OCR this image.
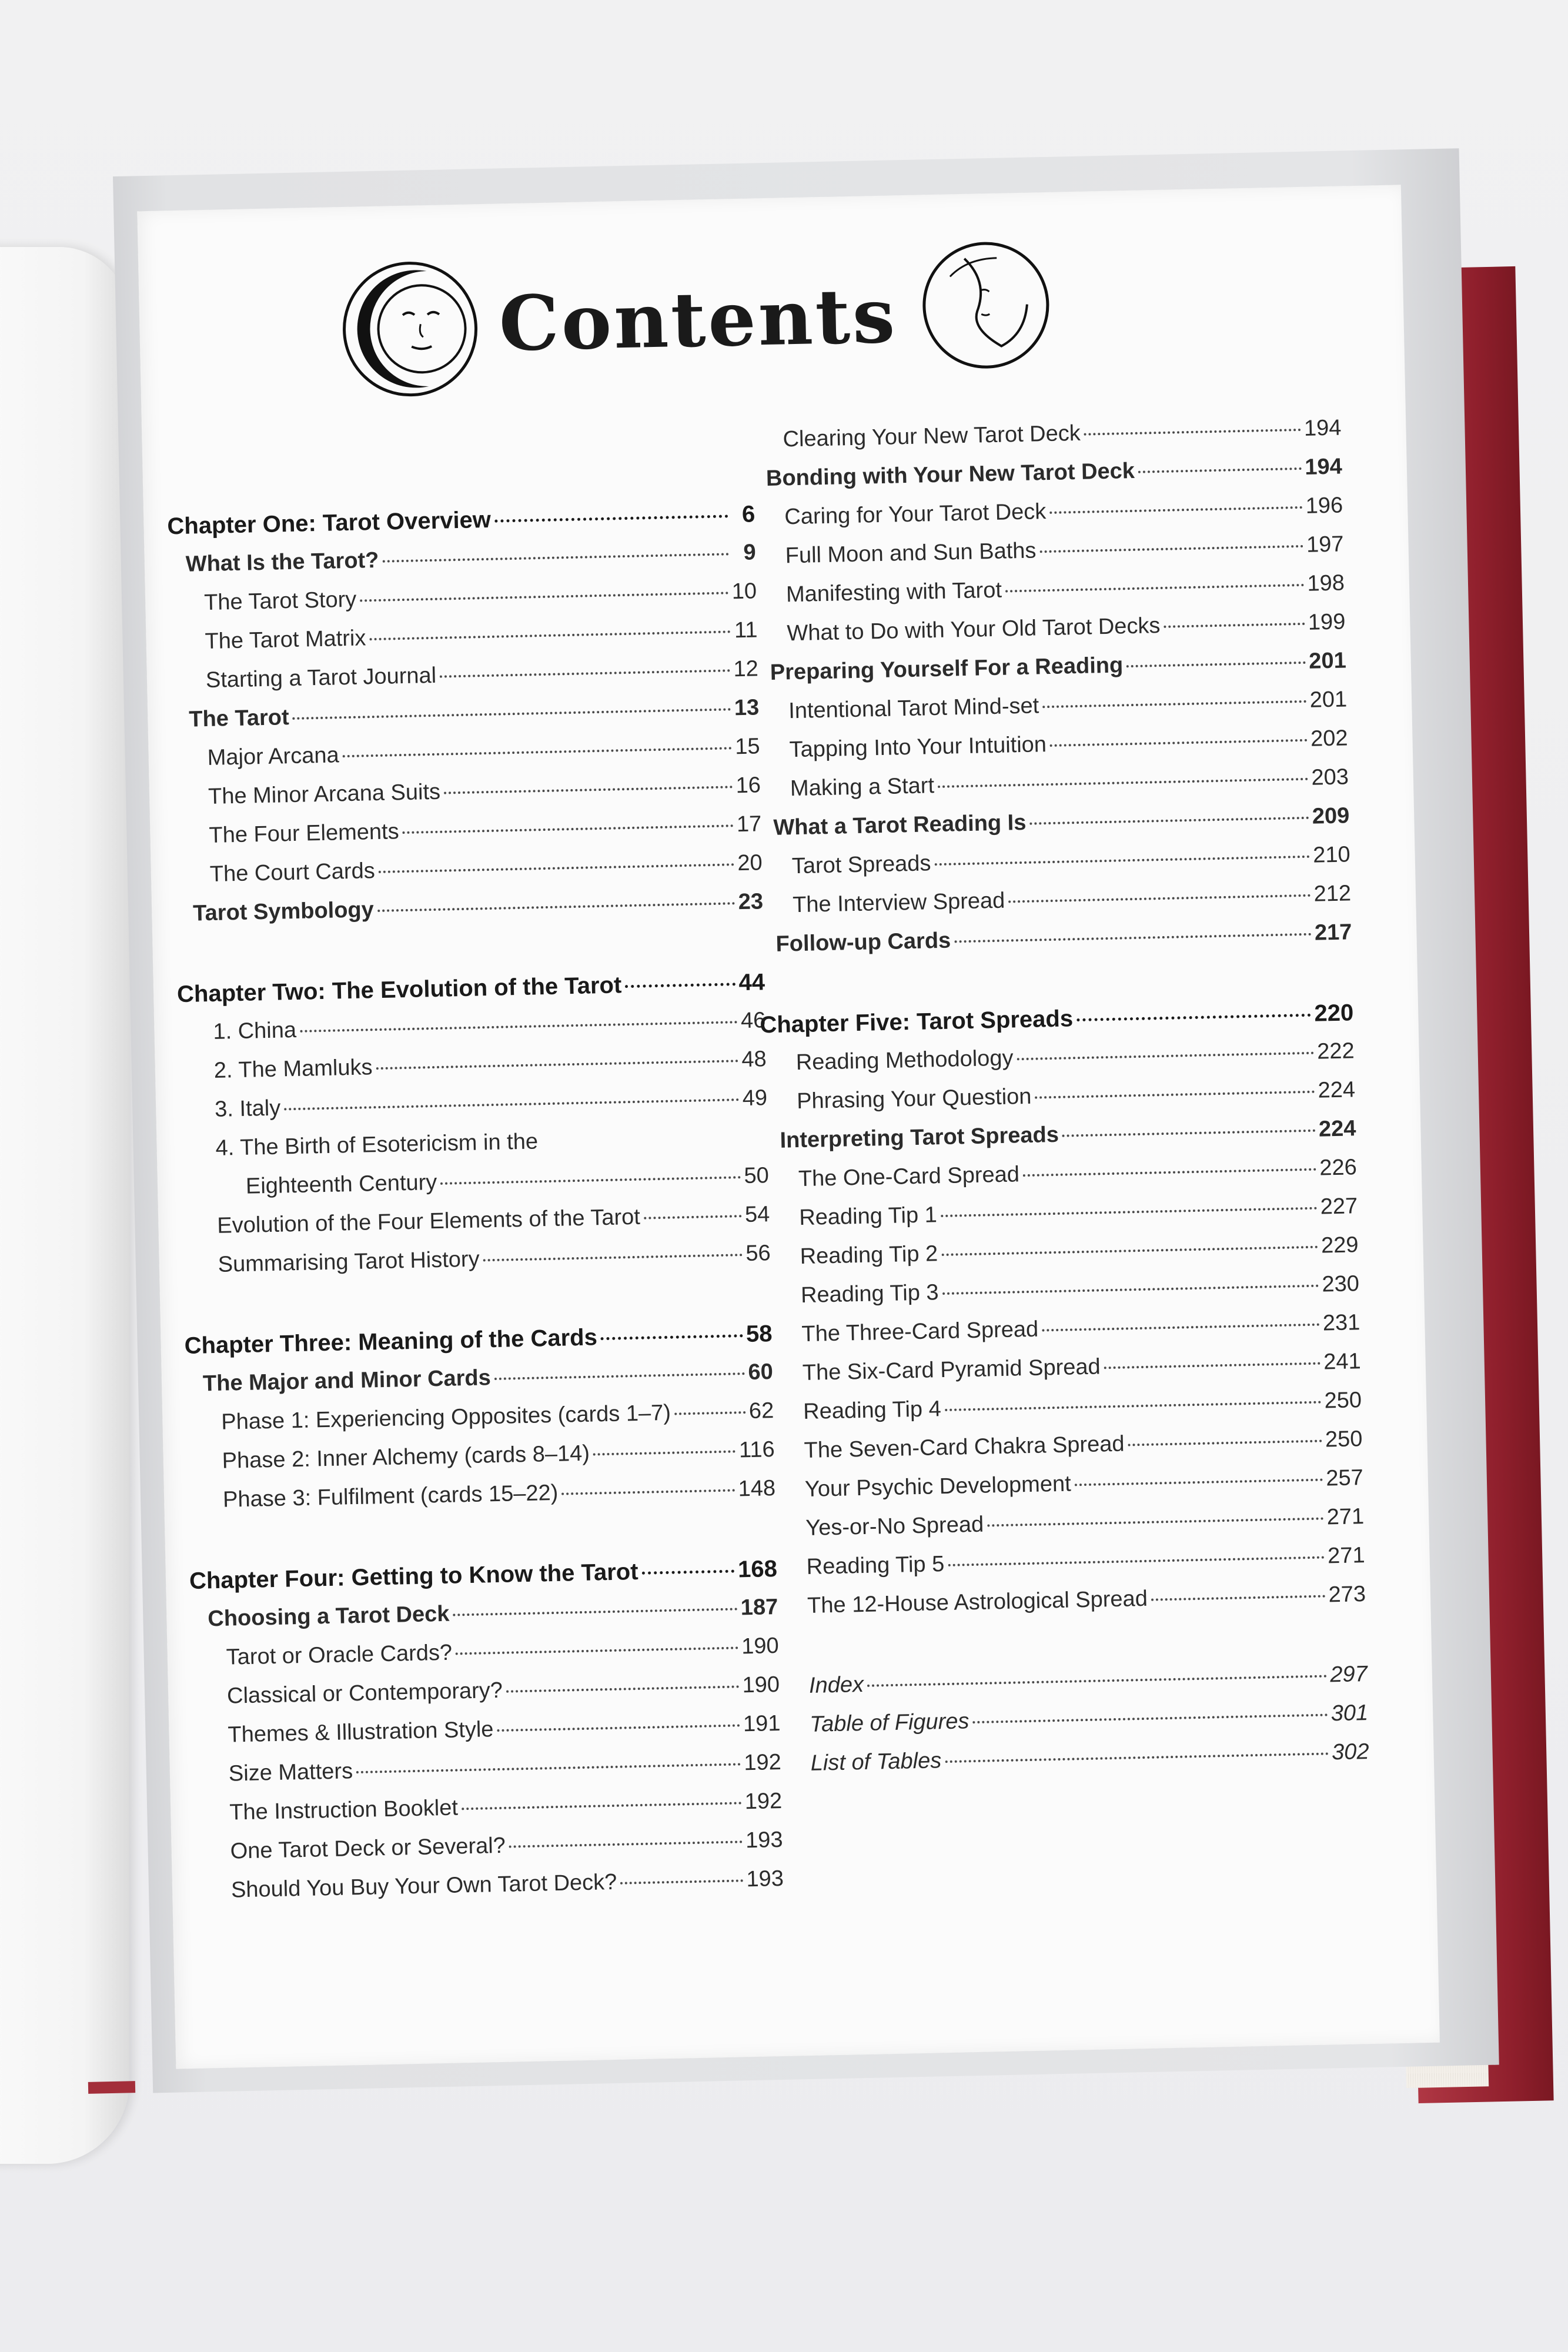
Contents
Chapter One: Tarot Overview	6
What Is the Tarot?	9
The Tarot Story	10
The Tarot Matrix	11
Starting a Tarot Journal	12
The Tarot	13
Major Arcana	15
The Minor Arcana Suits	16
The Four Elements	17
The Court Cards	20
Tarot Symbology	23
Chapter Two: The Evolution of the Tarot	44
1. China	46
2. The Mamluks	48
3. Italy	49
4. The Birth of Esotericism in the
Eighteenth Century	50
Evolution of the Four Elements of the Tarot	54
Summarising Tarot History	56
Chapter Three: Meaning of the Cards	58
The Major and Minor Cards	60
Phase 1: Experiencing Opposites (cards 1–7)	62
Phase 2: Inner Alchemy (cards 8–14)	116
Phase 3: Fulfilment (cards 15–22)	148
Chapter Four: Getting to Know the Tarot	168
Choosing a Tarot Deck	187
Tarot or Oracle Cards?	190
Classical or Contemporary?	190
Themes & Illustration Style	191
Size Matters	192
The Instruction Booklet	192
One Tarot Deck or Several?	193
Should You Buy Your Own Tarot Deck?	193
Clearing Your New Tarot Deck	194
Bonding with Your New Tarot Deck	194
Caring for Your Tarot Deck	196
Full Moon and Sun Baths	197
Manifesting with Tarot	198
What to Do with Your Old Tarot Decks	199
Preparing Yourself For a Reading	201
Intentional Tarot Mind-set	201
Tapping Into Your Intuition	202
Making a Start	203
What a Tarot Reading Is	209
Tarot Spreads	210
The Interview Spread	212
Follow-up Cards	217
Chapter Five: Tarot Spreads	220
Reading Methodology	222
Phrasing Your Question	224
Interpreting Tarot Spreads	224
The One-Card Spread	226
Reading Tip 1	227
Reading Tip 2	229
Reading Tip 3	230
The Three-Card Spread	231
The Six-Card Pyramid Spread	241
Reading Tip 4	250
The Seven-Card Chakra Spread	250
Your Psychic Development	257
Yes-or-No Spread	271
Reading Tip 5	271
The 12-House Astrological Spread	273
Index	297
Table of Figures	301
List of Tables	302
